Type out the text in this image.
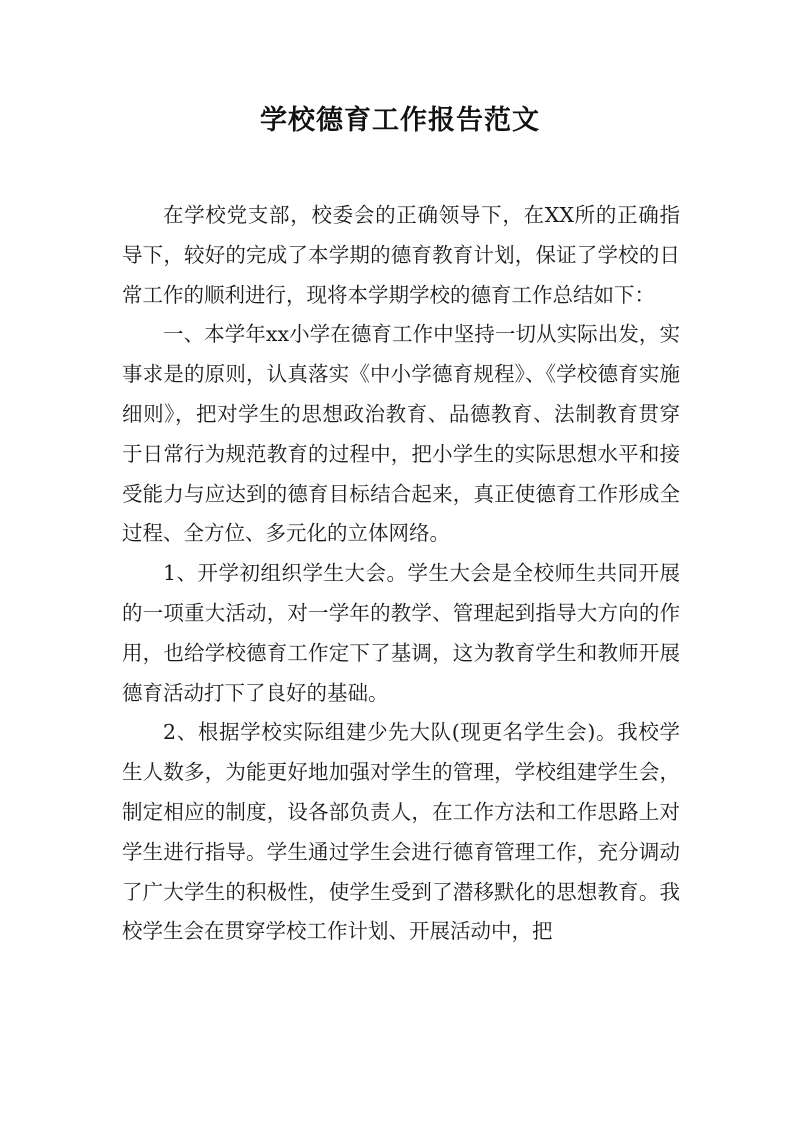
学校德育工作报告范文

在学校党支部，校委会的正确领导下，在XX所的正确指导下，较好的完成了本学期的德育教育计划，保证了学校的日常工作的顺利进行，现将本学期学校的德育工作总结如下：

一、本学年xx小学在德育工作中坚持一切从实际出发，实事求是的原则，认真落实《中小学德育规程》、《学校德育实施细则》，把对学生的思想政治教育、品德教育、法制教育贯穿于日常行为规范教育的过程中，把小学生的实际思想水平和接受能力与应达到的德育目标结合起来，真正使德育工作形成全过程、全方位、多元化的立体网络。

1、开学初组织学生大会。学生大会是全校师生共同开展的一项重大活动，对一学年的教学、管理起到指导大方向的作用，也给学校德育工作定下了基调，这为教育学生和教师开展德育活动打下了良好的基础。

2、根据学校实际组建少先大队(现更名学生会)。我校学生人数多，为能更好地加强对学生的管理，学校组建学生会，制定相应的制度，设各部负责人，在工作方法和工作思路上对学生进行指导。学生通过学生会进行德育管理工作，充分调动了广大学生的积极性，使学生受到了潜移默化的思想教育。我校学生会在贯穿学校工作计划、开展活动中，把
